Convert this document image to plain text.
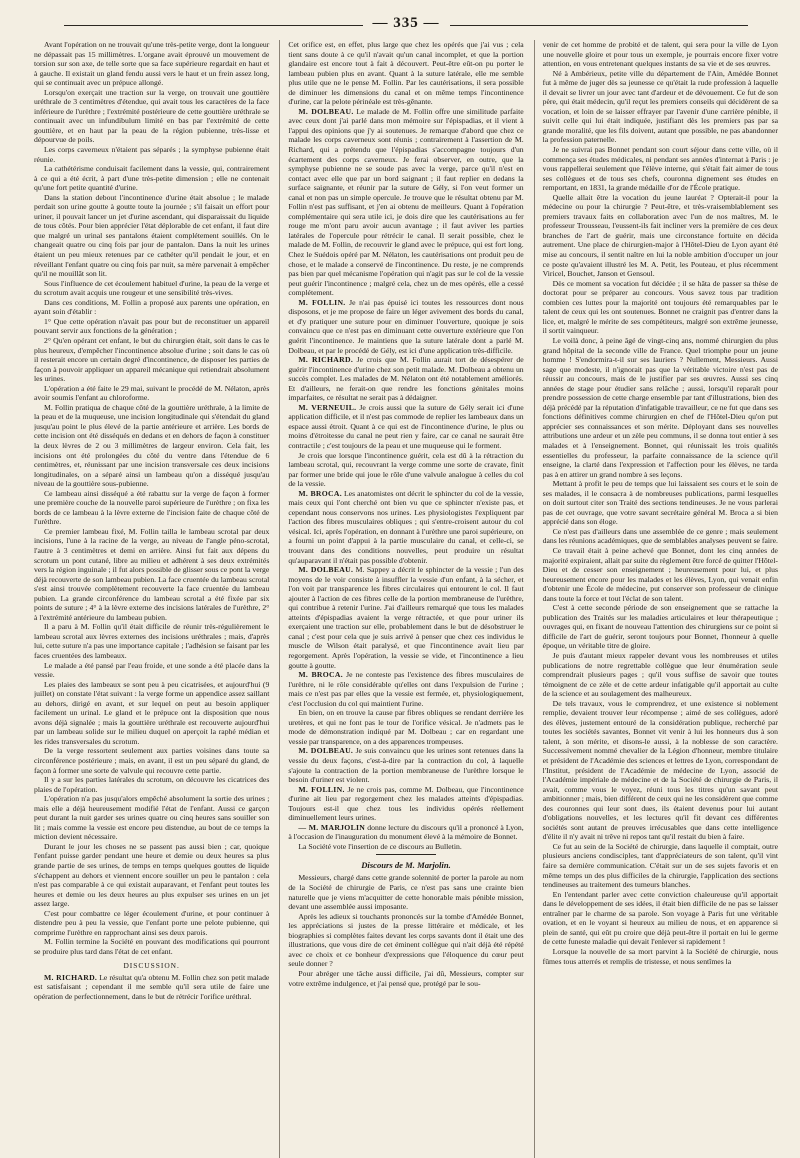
— 335 —

Avant l'opération on ne trouvait qu'une très-petite verge, dont la longueur ne dépassait pas 15 millimètres. L'organe avait éprouvé un mouvement de torsion sur son axe, de telle sorte que sa face supérieure regardait en haut et à gauche. Il existait un gland fendu aussi vers le haut et un frein assez long, qui se continuait avec un prépuce allongé.

Lorsqu'on exerçait une traction sur la verge, on trouvait une gouttière uréthrale de 3 centimètres d'étendue, qui avait tous les caractères de la face inférieure de l'urèthre ; l'extrémité postérieure de cette gouttière uréthrale se continuait avec un infundibulum limité en bas par l'extrémité de cette gouttière, et en haut par la peau de la région pubienne, très-lisse et dépourvue de poils.

Les corps caverneux n'étaient pas séparés ; la symphyse pubienne était réunie.

La cathétérisme conduisait facilement dans la vessie, qui, contrairement à ce qui a été écrit, à part d'une très-petite dimension ; elle ne contenait qu'une fort petite quantité d'urine.

Dans la station debout l'incontinence d'urine était absolue ; le malade perdait son urine goutte à goutte toute la journée ; s'il faisait un effort pour uriner, il pouvait lancer un jet d'urine ascendant, qui disparaissait du liquide de tous côtés. Pour bien apprécier l'état déplorable de cet enfant, il faut dire que malgré un urinal ses pantalons étaient complétement souillés. On le changeait quatre ou cinq fois par jour de pantalon. Dans la nuit les urines étaient un peu mieux retenues par ce cathéter qu'il pendait le jour, et en réveillant l'enfant quatre ou cinq fois par nuit, sa mère parvenait à empêcher qu'il ne mouillât son lit.

Sous l'influence de cet écoulement habituel d'urine, la peau de la verge et du scrotum avait acquis une rougeur et une sensibilité très-vives.

Dans ces conditions, M. Follin a proposé aux parents une opération, en ayant soin d'établir :

1° Que cette opération n'avait pas pour but de reconstituer un appareil pouvant servir aux fonctions de la génération ;

2° Qu'en opérant cet enfant, le but du chirurgien était, soit dans le cas le plus heureux, d'empêcher l'incontinence absolue d'urine ; soit dans le cas où il resterait encore un certain degré d'incontinence, de disposer les parties de façon à pouvoir appliquer un appareil mécanique qui retiendrait absolument les urines.

L'opération a été faite le 29 mai, suivant le procédé de M. Nélaton, après avoir soumis l'enfant au chloroforme.

M. Follin pratiqua de chaque côté de la gouttière uréthrale, à la limite de la peau et de la muqueuse, une incision longitudinale qui s'étendait du gland jusqu'au point le plus élevé de la partie antérieure et arrière. Les bords de cette incision ont été disséqués en dedans et en dehors de façon à constituer la deux lèvres de 2 ou 3 millimètres de largeur environ. Cela fait, les incisions ont été prolongées du côté du ventre dans l'étendue de 6 centimètres, et, réunissant par une incision transversale ces deux incisions longitudinales, on a séparé ainsi un lambeau qu'on a disséqué jusqu'au niveau de la gouttière sous-pubienne.

Ce lambeau ainsi disséqué a été rabattu sur la verge de façon à former une première couche de la nouvelle paroi supérieure de l'urèthre ; on fixa les bords de ce lambeau à la lèvre externe de l'incision faite de chaque côté de l'urèthre.

Ce premier lambeau fixé, M. Follin tailla le lambeau scrotal par deux incisions, l'une à la racine de la verge, au niveau de l'angle péno-scrotal, l'autre à 3 centimètres et demi en arrière. Ainsi fut fait aux dépens du scrotum un pont cutané, libre au milieu et adhérent à ses deux extrémités vers la région inguinale ; il fut alors possible de glisser sous ce pont la verge déjà recouverte de son lambeau pubien. La face cruentée du lambeau scrotal s'est ainsi trouvée complètement recouverte la face cruentée du lambeau pubien. La grande circonférence du lambeau scrotal a été fixée par six points de suture ; 4° à la lèvre externe des incisions latérales de l'urèthre, 2° à l'extrémité antérieure du lambeau pubien.

Il a paru à M. Follin qu'il était difficile de réunir très-régulièrement le lambeau scrotal aux lèvres externes des incisions uréthrales ; mais, d'après lui, cette suture n'a pas une importance capitale ; l'adhésion se faisant par les faces cruentées des lambeaux.

Le malade a été pansé par l'eau froide, et une sonde a été placée dans la vessie.

Les plaies des lambeaux se sont peu à peu cicatrisées, et aujourd'hui (9 juillet) on constate l'état suivant : la verge forme un appendice assez saillant au dehors, dirigé en avant, et sur lequel on peut au besoin appliquer facilement un urinal. Le gland et le prépuce ont la disposition que nous avons déjà signalée ; mais la gouttière uréthrale est recouverte aujourd'hui par un lambeau solide sur le milieu duquel on aperçoit la raphé médian et les rides transversales du scrotum.

De la verge ressortent seulement aux parties voisines dans toute sa circonférence postérieure ; mais, en avant, il est un peu séparé du gland, de façon à former une sorte de valvule qui recouvre cette partie.

Il y a sur les parties latérales du scrotum, on découvre les cicatrices des plaies de l'opération.

L'opération n'a pas jusqu'alors empêché absolument la sortie des urines ; mais elle a déjà heureusement modifié l'état de l'enfant. Aussi ce garçon peut durant la nuit garder ses urines quatre ou cinq heures sans souiller son lit ; mais comme la vessie est encore peu distendue, au bout de ce temps la miction devient nécessaire.

Durant le jour les choses ne se passent pas aussi bien ; car, quoique l'enfant puisse garder pendant une heure et demie ou deux heures sa plus grande partie de ses urines, de temps en temps quelques gouttes de liquide s'échappent au dehors et viennent encore souiller un peu le pantalon : cela n'est pas comparable à ce qui existait auparavant, et l'enfant peut toutes les heures et demie ou les deux heures au plus expulser ses urines en un jet assez large.

C'est pour combattre ce léger écoulement d'urine, et pour continuer à distendre peu à peu la vessie, que l'enfant porte une pelote pubienne, qui comprime l'urèthre en rapprochant ainsi ses deux parois.

M. Follin termine la Société en pouvant des modifications qui pourront se produire plus tard dans l'état de cet enfant.

DISCUSSION.

M. RICHARD. Le résultat qu'a obtenu M. Follin chez son petit malade est satisfaisant ; cependant il me semble qu'il sera utile de faire une opération de perfectionnement, dans le but de rétrécir l'orifice uréthral.

Cet orifice est, en effet, plus large que chez les opérés que j'ai vus ; cela tient sans doute à ce qu'il n'avait qu'un canal incomplet, et que la portion glandaire est encore tout à fait à découvert. Peut-être eût-on pu porter le lambeau pubien plus en avant. Quant à la suture latérale, elle me semble plus utile que ne le pense M. Follin. Par les cautérisations, il sera possible de diminuer les dimensions du canal et on même temps l'incontinence d'urine, car la pelote périnéale est très-gênante.

M. DOLBEAU. Le malade de M. Follin offre une similitude parfaite avec ceux dont j'ai parlé dans mon mémoire sur l'épispadias, et il vient à l'appui des opinions que j'y ai soutenues. Je remarque d'abord que chez ce malade les corps caverneux sont réunis ; contrairement à l'assertion de M. Richard, qui a prétendu que l'épispadias s'accompagne toujours d'un écartement des corps caverneux. Je ferai observer, en outre, que la symphyse pubienne ne se soude pas avec la verge, parce qu'il n'est en contact avec elle que par un bord saignant ; il faut replier en dedans la surface saignante, et réunir par la suture de Gély, si l'on veut former un canal et non pas un simple opercule. Je trouve que le résultat obtenu par M. Follin n'est pas suffisant, et j'en ai obtenu de meilleurs. Quant à l'opération complémentaire qui sera utile ici, je dois dire que les cautérisations au fer rouge me m'ont paru avoir aucun avantage ; il faut aviver les parties latérales de l'opercule pour rétrécir le canal. Il serait possible, chez le malade de M. Follin, de recouvrir le gland avec le prépuce, qui est fort long. Chez le Suédois opéré par M. Nélaton, les cautérisations ont produit peu de chose, et le malade a conservé de l'incontinence. Du reste, je ne comprends pas bien par quel mécanisme l'opération qui n'agit pas sur le col de la vessie peut guérir l'incontinence ; malgré cela, chez un de mes opérés, elle a cessé complétement.

M. FOLLIN. Je n'ai pas épuisé ici toutes les ressources dont nous disposons, et je me propose de faire un léger avivement des bords du canal, et d'y pratiquer une suture pour en diminuer l'ouverture, quoique je sois convaincu que ce n'est pas en diminuant cette ouverture extérieure que l'on guérit l'incontinence. Je maintiens que la suture latérale dont a parlé M. Dolbeau, et par le procédé de Gély, est ici d'une application très-difficile.

M. RICHARD. Je crois que M. Follin aurait tort de désespérer de guérir l'incontinence d'urine chez son petit malade. M. Dolbeau a obtenu un succès complet. Les malades de M. Nélaton ont été notablement améliorés. Et d'ailleurs, ne ferait-on que rendre les fonctions génitales moins imparfaites, ce résultat ne serait pas à dédaigner.

M. VERNEUIL. Je crois aussi que la suture de Gély serait ici d'une application difficile, et il n'est pas commode de replier les lambeaux dans un espace aussi étroit. Quant à ce qui est de l'incontinence d'urine, le plus ou moins d'étroitesse du canal ne peut rien y faire, car ce canal ne saurait être contractile ; c'est toujours de la peau et une muqueuse qui le forment.

Je crois que lorsque l'incontinence guérit, cela est dû à la rétraction du lambeau scrotal, qui, recouvrant la verge comme une sorte de cravate, finit par former une bride qui joue le rôle d'une valvule analogue à celles du col de la vessie.

M. BROCA. Les anatomistes ont décrit le sphincter du col de la vessie, mais ceux qui l'ont cherché ont bien vu que ce sphincter n'existe pas, et cependant nous conservons nos urines. Les physiologistes l'expliquent par l'action des fibres musculaires obliques ; qui s'entre-croisent autour du col vésical. Ici, après l'opération, en donnant à l'urèthre une paroi supérieure, on a fourni un point d'appui à la partie musculaire du canal, et celle-ci, se trouvant dans des conditions nouvelles, peut produire un résultat qu'auparavant il n'était pas possible d'obtenir.

M. DOLBEAU. M. Sappey a décrit le sphincter de la vessie ; l'un des moyens de le voir consiste à insuffler la vessie d'un enfant, à la sécher, et l'on voit par transparence les fibres circulaires qui entourent le col. Il faut ajouter à l'action de ces fibres celle de la portion membraneuse de l'urèthre, qui contribue à retenir l'urine. J'ai d'ailleurs remarqué que tous les malades atteints d'épispadias avaient la verge rétractée, et que pour uriner ils exerçaient une traction sur elle, probablement dans le but de désobstruer le canal ; c'est pour cela que je suis arrivé à penser que chez ces individus le muscle de Wilson était paralysé, et que l'incontinence avait lieu par regorgement. Après l'opération, la vessie se vide, et l'incontinence a lieu goutte à goutte.

M. BROCA. Je ne conteste pas l'existence des fibres musculaires de l'urèthre, ni le rôle considérable qu'elles ont dans l'expulsion de l'urine ; mais ce n'est pas par elles que la vessie est fermée, et, physiologiquement, c'est l'occlusion du col qui maintient l'urine.

En bien, on en trouve la cause par fibres obliques se rendant derrière les uretères, et qui ne font pas le tour de l'orifice vésical. Je n'admets pas le mode de démonstration indiqué par M. Dolbeau ; car en regardant une vessie par transparence, on a des apparences trompeuses.

M. DOLBEAU. Je suis convaincu que les urines sont retenues dans la vessie du deux façons, c'est-à-dire par la contraction du col, à laquelle s'ajoute la contraction de la portion membraneuse de l'urèthre lorsque le besoin d'uriner est violent.

M. FOLLIN. Je ne crois pas, comme M. Dolbeau, que l'incontinence d'urine ait lieu par regorgement chez les malades atteints d'épispadias. Toujours est-il que chez tous les individus opérés réellement diminuellement leurs urines.

— M. MARJOLIN donne lecture du discours qu'il a prononcé à Lyon, à l'occasion de l'inauguration du monument élevé à la mémoire de Bonnet.

La Société vote l'insertion de ce discours au Bulletin.

Discours de M. Marjolin.

Messieurs, chargé dans cette grande solennité de porter la parole au nom de la Société de chirurgie de Paris, ce n'est pas sans une crainte bien naturelle que je viens m'acquitter de cette honorable mais pénible mission, devant une assemblée aussi imposante.

Après les adieux si touchants prononcés sur la tombe d'Amédée Bonnet, les appréciations si justes de la presse littéraire et médicale, et les biographies si complètes faites devant les corps savants dont il était une des illustrations, que vous dire de cet éminent collègue qui n'ait déjà été répété avec ce choix et ce bonheur d'expressions que l'éloquence du cœur peut seule donner ?

Pour abréger une tâche aussi difficile, j'ai dû, Messieurs, compter sur votre extrême indulgence, et j'ai pensé que, protégé par le sou-

venir de cet homme de probité et de talent, qui sera pour la ville de Lyon une nouvelle gloire et pour tous un exemple, je pourrais encore fixer votre attention, en vous entretenant quelques instants de sa vie et de ses œuvres.

Né à Ambérieux, petite ville du département de l'Ain, Amédée Bonnet fut à même de juger dès sa jeunesse ce qu'était la rude profession à laquelle il devait se livrer un jour avec tant d'ardeur et de dévouement. Ce fut de son père, qui était médecin, qu'il reçut les premiers conseils qui décidèrent de sa vocation, et loin de se laisser effrayer par l'avenir d'une carrière pénible, il suivit celle qui lui était indiquée, justifiant dès les premiers pas par sa grande moralité, que les fils doivent, autant que possible, ne pas abandonner la profession paternelle.

Je ne suivrai pas Bonnet pendant son court séjour dans cette ville, où il commença ses études médicales, ni pendant ses années d'internat à Paris : je vous rappellerai seulement que l'élève interne, qui s'était fait aimer de tous ses collègues et de tous ses chefs, couronna dignement ses études en remportant, en 1831, la grande médaille d'or de l'École pratique.

Quelle allait être la vocation du jeune lauréat ? Opterait-il pour la médecine ou pour la chirurgie ? Peut-être, et très-vraisemblablement ses premiers travaux faits en collaboration avec l'un de nos maîtres, M. le professeur Trousseau, l'eussent-ils fait incliner vers la première de ces deux branches de l'art de guérir, mais une circonstance fortuite en décida autrement. Une place de chirurgien-major à l'Hôtel-Dieu de Lyon ayant été mise au concours, il sentit naître en lui la noble ambition d'occuper un jour ce poste qu'avaient illustré les M. A. Petit, les Pouteau, et plus récemment Viricel, Bouchet, Janson et Gensoul.

Dès ce moment sa vocation fut décidée ; il se hâta de passer sa thèse de doctorat pour se préparer au concours. Vous savez tous par tradition combien ces luttes pour la majorité ont toujours été remarquables par le talent de ceux qui les ont soutenues. Bonnet ne craignit pas d'entrer dans la lice, et, malgré le mérite de ses compétiteurs, malgré son extrême jeunesse, il sortit vainqueur.

Le voilà donc, à peine âgé de vingt-cinq ans, nommé chirurgien du plus grand hôpital de la seconde ville de France. Quel triomphe pour un jeune homme ! S'endormira-t-il sur ses lauriers ? Nullement, Messieurs. Aussi sage que modeste, il n'ignorait pas que la véritable victoire n'est pas de réussir au concours, mais de le justifier par ses œuvres. Aussi ses cinq années de stage pour étudier sans relâche ; aussi, lorsqu'il reparaît pour prendre possession de cette charge ensemble par tant d'illustrations, bien des déjà précédé par la réputation d'infatigable travailleur, ce ne fut que dans ses fonctions définitives comme chirurgien en chef de l'Hôtel-Dieu qu'on put apprécier ses connaissances et son mérite. Déployant dans ses nouvelles attributions une ardeur et un zèle peu communs, il se donna tout entier à ses malades et à l'enseignement. Bonnet, qui réunissait les trois qualités essentielles du professeur, la parfaite connaissance de la science qu'il enseigne, la clarté dans l'expression et l'affection pour les élèves, ne tarda pas à en attirer un grand nombre à ses leçons.

Mettant à profit le peu de temps que lui laissaient ses cours et le soin de ses malades, il le consacra à de nombreuses publications, parmi lesquelles on doit surtout citer son Traité des sections tendineuses. Je ne vous parlerai pas de cet ouvrage, que votre savant secrétaire général M. Broca a si bien apprécié dans son éloge.

Ce n'est pas d'ailleurs dans une assemblée de ce genre ; mais seulement dans les réunions académiques, que de semblables analyses peuvent se faire.

Ce travail était à peine achevé que Bonnet, dont les cinq années de majorité expiraient, allait par suite du règlement être forcé de quitter l'Hôtel-Dieu et de cesser son enseignement ; heureusement pour lui, et plus heureusement encore pour les malades et les élèves, Lyon, qui venait enfin d'obtenir une École de médecine, put conserver son professeur de clinique dans toute la force et tout l'éclat de son talent.

C'est à cette seconde période de son enseignement que se rattache la publication des Traités sur les maladies articulaires et leur thérapeutique ; ouvrages qui, en fixant de nouveau l'attention des chirurgiens sur ce point si difficile de l'art de guérir, seront toujours pour Bonnet, l'honneur à quelle époque, un véritable titre de gloire.

Je puis d'autant mieux rappeler devant vous les nombreuses et utiles publications de notre regrettable collègue que leur énumération seule comprendrait plusieurs pages ; qu'il vous suffise de savoir que toutes témoignent de ce zèle et de cette ardeur infatigable qu'il apportait au culte de la science et au soulagement des malheureux.

De tels travaux, vous le comprendrez, et une existence si noblement remplie, devaient trouver leur récompense ; aimé de ses collègues, adoré des élèves, justement entouré de la considération publique, recherché par toutes les sociétés savantes, Bonnet vit venir à lui les honneurs dus à son talent, à son mérite, et disons-le aussi, à la noblesse de son caractère. Successivement nommé chevalier de la Légion d'honneur, membre titulaire et président de l'Académie des sciences et lettres de Lyon, correspondant de l'Institut, président de l'Académie de médecine de Lyon, associé de l'Académie impériale de médecine et de la Société de chirurgie de Paris, il avait, comme vous le voyez, réuni tous les titres qu'un savant peut ambitionner ; mais, bien différent de ceux qui ne les considèrent que comme des couronnes qui leur sont dues, ils étaient devenus pour lui autant d'obligations nouvelles, et les lectures qu'il fit devant ces différentes sociétés sont autant de preuves irrécusables que dans cette intelligence d'élite il n'y avait ni trêve ni repos tant qu'il restait du bien à faire.

Ce fut au sein de la Société de chirurgie, dans laquelle il comptait, outre plusieurs anciens condisciples, tant d'appréciateurs de son talent, qu'il vint faire sa dernière communication. C'était sur un de ses sujets favoris et en même temps un des plus difficiles de la chirurgie, l'application des sections tendineuses au traitement des tumeurs blanches.

En l'entendant parler avec cette conviction chaleureuse qu'il apportait dans le développement de ses idées, il était bien difficile de ne pas se laisser entraîner par le charme de sa parole. Son voyage à Paris fut une véritable ovation, et en le voyant si heureux au milieu de nous, et en apparence si plein de santé, qui eût pu croire que déjà peut-être il portait en lui le germe de cette funeste maladie qui devait l'enlever si rapidement !

Lorsque la nouvelle de sa mort parvint à la Société de chirurgie, nous fûmes tous atterrés et remplis de tristesse, et nous sentîmes la
